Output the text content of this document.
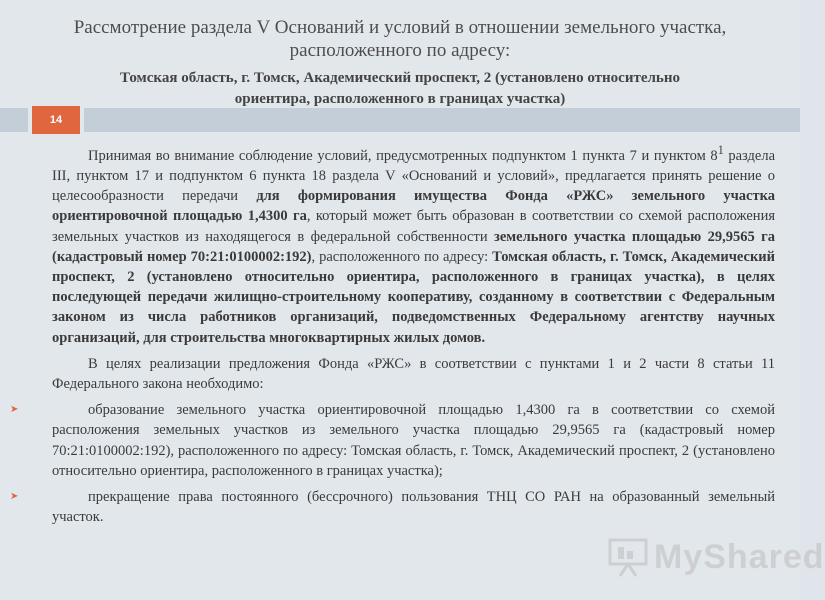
Рассмотрение раздела V Оснований и условий в отношении земельного участка,
расположенного по адресу:
Томская область, г. Томск, Академический проспект, 2 (установлено относительно
ориентира, расположенного в границах участка)
14

Принимая во внимание соблюдение условий, предусмотренных подпунктом 1 пункта 7 и пунктом $8^1$ раздела III, пунктом 17 и подпунктом 6 пункта 18 раздела V «Оснований и условий», предлагается принять решение о целесообразности передачи для формирования имущества Фонда «РЖС» земельного участка ориентировочной площадью 1,4300 га, который может быть образован в соответствии со схемой расположения земельных участков из находящегося в федеральной собственности земельного участка площадью 29,9565 га (кадастровый номер 70:21:0100002:192), расположенного по адресу: Томская область, г. Томск, Академический проспект, 2 (установлено относительно ориентира, расположенного в границах участка), в целях последующей передачи жилищно-строительному кооперативу, созданному в соответствии с Федеральным законом из числа работников организаций, подведомственных Федеральному агентству научных организаций, для строительства многоквартирных жилых домов.

В целях реализации предложения Фонда «РЖС» в соответствии с пунктами 1 и 2 части 8 статьи 11 Федерального закона необходимо:

➤	образование земельного участка ориентировочной площадью 1,4300 га в соответствии со схемой расположения земельных участков из земельного участка площадью 29,9565 га (кадастровый номер 70:21:0100002:192), расположенного по адресу: Томская область, г. Томск, Академический проспект, 2 (установлено относительно ориентира, расположенного в границах участка);
➤	прекращение права постоянного (бессрочного) пользования ТНЦ СО РАН на образованный земельный участок.
MyShared
